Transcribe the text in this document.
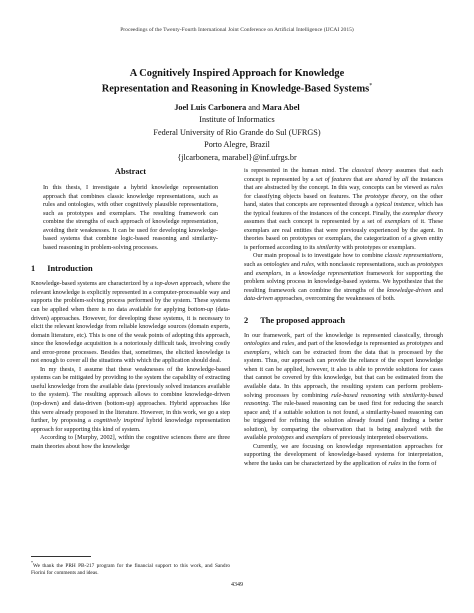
Proceedings of the Twenty-Fourth International Joint Conference on Artificial Intelligence (IJCAI 2015)
A Cognitively Inspired Approach for Knowledge
Representation and Reasoning in Knowledge-Based Systems*
Joel Luis Carbonera and Mara Abel
Institute of Informatics
Federal University of Rio Grande do Sul (UFRGS)
Porto Alegre, Brazil
{jlcarbonera, marabel}@inf.ufrgs.br
Abstract

In this thesis, I investigate a hybrid knowledge representation approach that combines classic knowledge representations, such as rules and ontologies, with other cognitively plausible representations, such as prototypes and exemplars. The resulting framework can combine the strengths of each approach of knowledge representation, avoiding their weaknesses. It can be used for developing knowledge-based systems that combine logic-based reasoning and similarity-based reasoning in problem-solving processes.

1 Introduction

Knowledge-based systems are characterized by a top-down approach, where the relevant knowledge is explicitly represented in a computer-processable way and supports the problem-solving process performed by the system. These systems can be applied when there is no data available for applying bottom-up (data-driven) approaches. However, for developing these systems, it is necessary to elicit the relevant knowledge from reliable knowledge sources (domain experts, domain literature, etc). This is one of the weak points of adopting this approach, since the knowledge acquisition is a notoriously difficult task, involving costly and error-prone processes. Besides that, sometimes, the elicited knowledge is not enough to cover all the situations with which the application should deal.

In my thesis, I assume that these weaknesses of the knowledge-based systems can be mitigated by providing to the system the capability of extracting useful knowledge from the available data (previously solved instances available to the system). The resulting approach allows to combine knowledge-driven (top-down) and data-driven (bottom-up) approaches. Hybrid approaches like this were already proposed in the literature. However, in this work, we go a step further, by proposing a cognitively inspired hybrid knowledge representation approach for supporting this kind of system.

According to [Murphy, 2002], within the cognitive sciences there are three main theories about how the knowledge

*We thank the PRH PB-217 program for the financial support to this work, and Sandro Fiorini for comments and ideas.

is represented in the human mind. The classical theory assumes that each concept is represented by a set of features that are shared by all the instances that are abstracted by the concept. In this way, concepts can be viewed as rules for classifying objects based on features. The prototype theory, on the other hand, states that concepts are represented through a typical instance, which has the typical features of the instances of the concept. Finally, the exemplar theory assumes that each concept is represented by a set of exemplars of it. These exemplars are real entities that were previously experienced by the agent. In theories based on prototypes or exemplars, the categorization of a given entity is performed according to its similarity with prototypes or exemplars.

Our main proposal is to investigate how to combine classic representations, such as ontologies and rules, with nonclassic representations, such as prototypes and exemplars, in a knowledge representation framework for supporting the problem solving process in knowledge-based systems. We hypothesize that the resulting framework can combine the strengths of the knowledge-driven and data-driven approaches, overcoming the weaknesses of both.

2 The proposed approach

In our framework, part of the knowledge is represented classically, through ontologies and rules, and part of the knowledge is represented as prototypes and exemplars, which can be extracted from the data that is processed by the system. Thus, our approach can provide the reliance of the expert knowledge when it can be applied, however, it also is able to provide solutions for cases that cannot be covered by this knowledge, but that can be estimated from the available data. In this approach, the resulting system can perform problem-solving processes by combining rule-based reasoning with similarity-based reasoning. The rule-based reasoning can be used first for reducing the search space and; if a suitable solution is not found, a similarity-based reasoning can be triggered for refining the solution already found (and finding a better solution), by comparing the observation that is being analyzed with the available prototypes and exemplars of previously interpreted observations.

Currently, we are focusing on knowledge representation approaches for supporting the development of knowledge-based systems for interpretation, where the tasks can be characterized by the application of rules in the form of

4349
